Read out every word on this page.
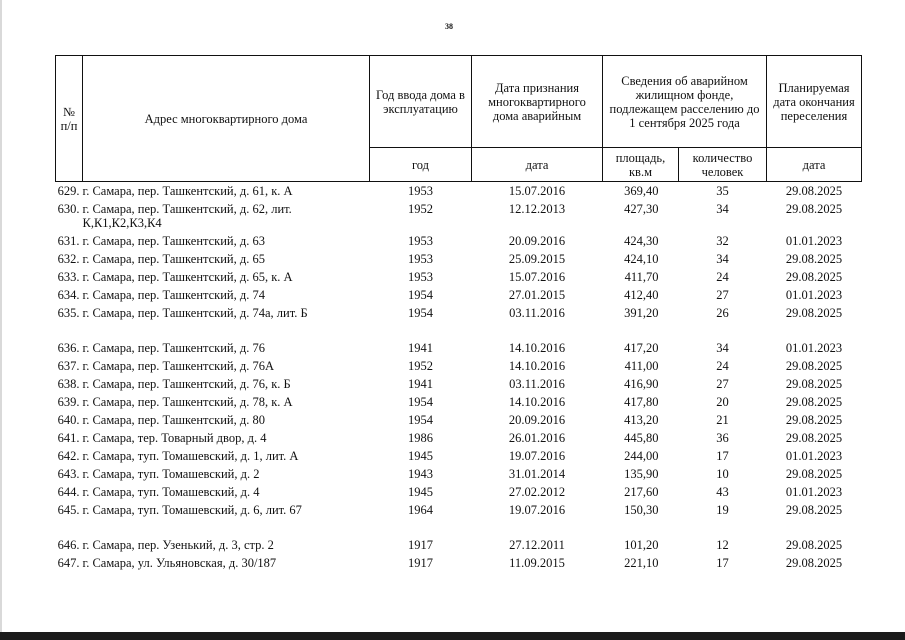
38
№ п/п	Адрес многоквартирного дома	Год ввода дома в эксплуатацию	Дата признания многоквартирного дома аварийным	Сведения об аварийном жилищном фонде, подлежащем расселению до 1 сентября 2025 года		Планируемая дата окончания переселения
		год	дата	площадь, кв.м	количество человек	дата
629.	г. Самара, пер. Ташкентский, д. 61, к. А	1953	15.07.2016	369,40	35	29.08.2025
630.	г. Самара, пер. Ташкентский, д. 62, лит. К,К1,К2,К3,К4	1952	12.12.2013	427,30	34	29.08.2025
631.	г. Самара, пер. Ташкентский, д. 63	1953	20.09.2016	424,30	32	01.01.2023
632.	г. Самара, пер. Ташкентский, д. 65	1953	25.09.2015	424,10	34	29.08.2025
633.	г. Самара, пер. Ташкентский, д. 65, к. А	1953	15.07.2016	411,70	24	29.08.2025
634.	г. Самара, пер. Ташкентский, д. 74	1954	27.01.2015	412,40	27	01.01.2023
635.	г. Самара, пер. Ташкентский, д. 74а, лит. Б	1954	03.11.2016	391,20	26	29.08.2025

636.	г. Самара, пер. Ташкентский, д. 76	1941	14.10.2016	417,20	34	01.01.2023
637.	г. Самара, пер. Ташкентский, д. 76А	1952	14.10.2016	411,00	24	29.08.2025
638.	г. Самара, пер. Ташкентский, д. 76, к. Б	1941	03.11.2016	416,90	27	29.08.2025
639.	г. Самара, пер. Ташкентский, д. 78, к. А	1954	14.10.2016	417,80	20	29.08.2025
640.	г. Самара, пер. Ташкентский, д. 80	1954	20.09.2016	413,20	21	29.08.2025
641.	г. Самара, тер. Товарный двор, д. 4	1986	26.01.2016	445,80	36	29.08.2025
642.	г. Самара, туп. Томашевский, д. 1, лит. А	1945	19.07.2016	244,00	17	01.01.2023
643.	г. Самара, туп. Томашевский, д. 2	1943	31.01.2014	135,90	10	29.08.2025
644.	г. Самара, туп. Томашевский, д. 4	1945	27.02.2012	217,60	43	01.01.2023
645.	г. Самара, туп. Томашевский, д. 6, лит. 67	1964	19.07.2016	150,30	19	29.08.2025

646.	г. Самара, пер. Узенький, д. 3, стр. 2	1917	27.12.2011	101,20	12	29.08.2025
647.	г. Самара, ул. Ульяновская, д. 30/187	1917	11.09.2015	221,10	17	29.08.2025
